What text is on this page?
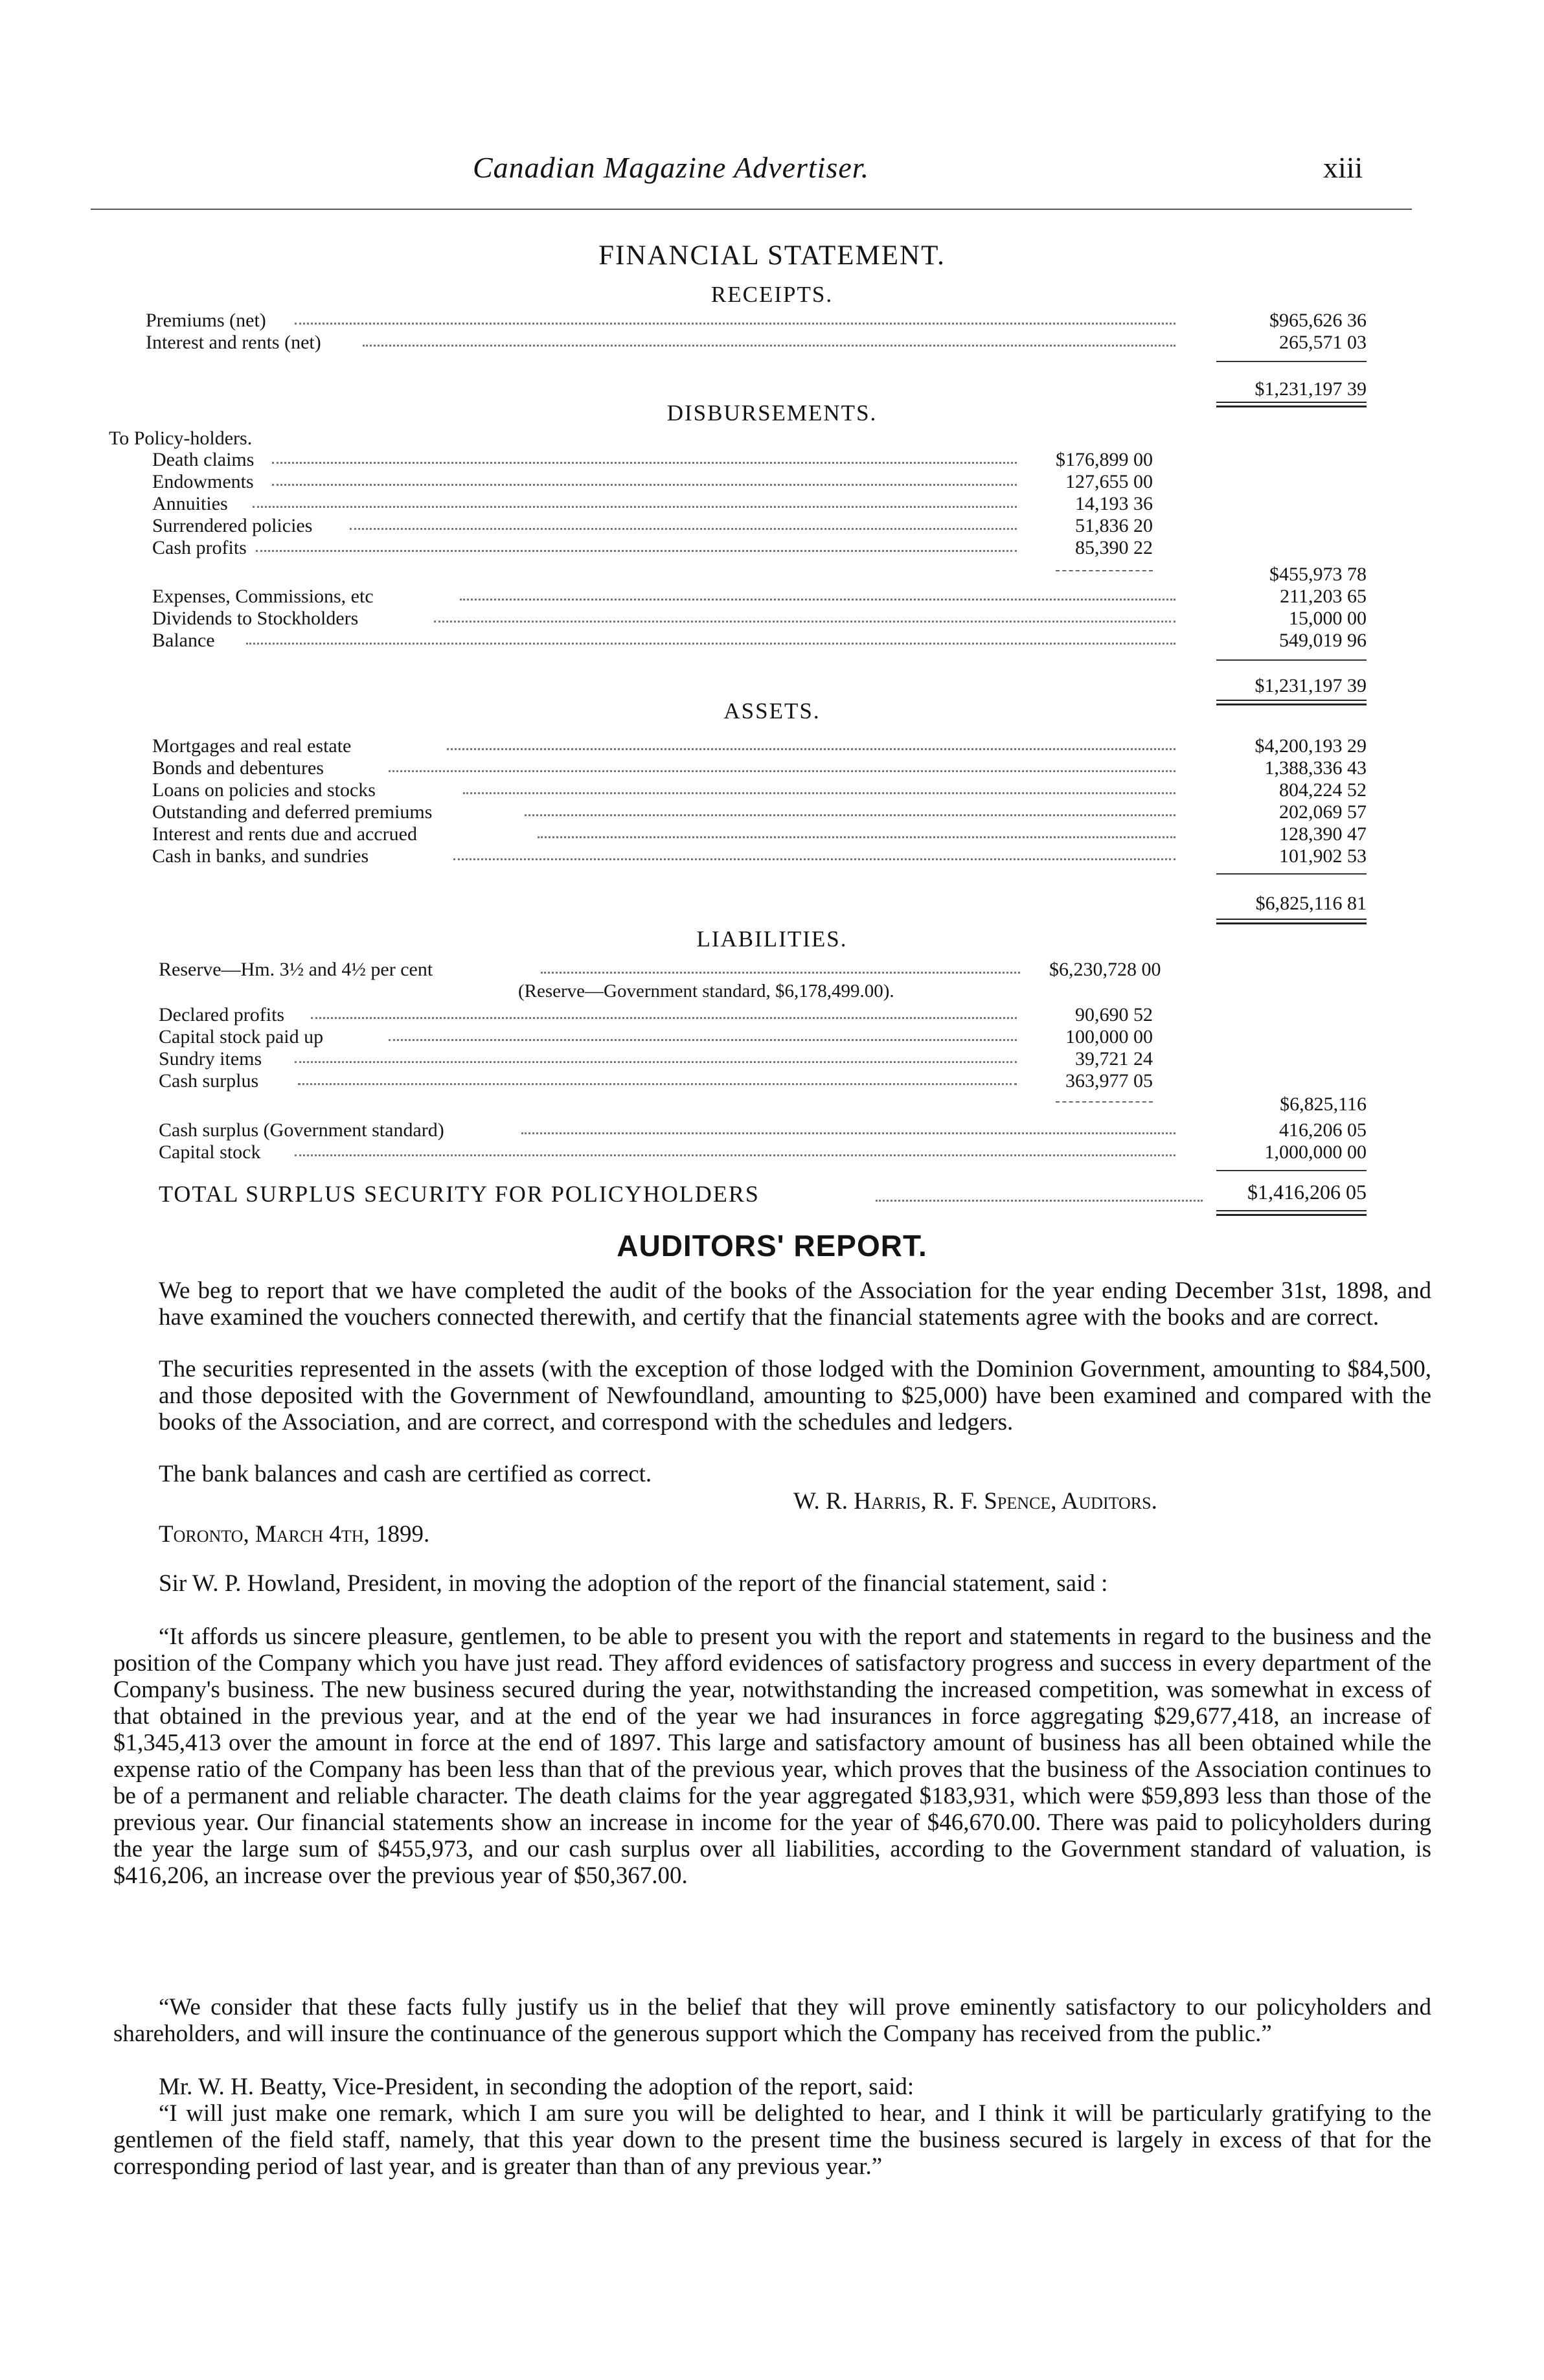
Canadian Magazine Advertiser.	xiii
FINANCIAL STATEMENT.
RECEIPTS.
Premiums (net)	$965,626 36
Interest and rents (net)	265,571 03
$1,231,197 39
DISBURSEMENTS.
To Policy-holders.
Death claims	$176,899 00
Endowments	127,655 00
Annuities	14,193 36
Surrendered policies	51,836 20
Cash profits	85,390 22
$455,973 78
Expenses, Commissions, etc	211,203 65
Dividends to Stockholders	15,000 00
Balance	549,019 96
$1,231,197 39
ASSETS.
Mortgages and real estate	$4,200,193 29
Bonds and debentures	1,388,336 43
Loans on policies and stocks	804,224 52
Outstanding and deferred premiums	202,069 57
Interest and rents due and accrued	128,390 47
Cash in banks, and sundries	101,902 53
$6,825,116 81
LIABILITIES.
Reserve—Hm. 3½ and 4½ per cent	$6,230,728 00
(Reserve—Government standard, $6,178,499.00).
Declared profits	90,690 52
Capital stock paid up	100,000 00
Sundry items	39,721 24
Cash surplus	363,977 05
$6,825,116
Cash surplus (Government standard)	416,206 05
Capital stock	1,000,000 00
TOTAL SURPLUS SECURITY FOR POLICYHOLDERS	$1,416,206 05
AUDITORS' REPORT.

We beg to report that we have completed the audit of the books of the Association for the year ending December 31st, 1898, and have examined the vouchers connected therewith, and certify that the financial statements agree with the books and are correct.

The securities represented in the assets (with the exception of those lodged with the Dominion Government, amounting to $84,500, and those deposited with the Government of Newfoundland, amounting to $25,000) have been examined and compared with the books of the Association, and are correct, and correspond with the schedules and ledgers.

The bank balances and cash are certified as correct.

W. R. Harris, R. F. Spence, Auditors.
Toronto, March 4th, 1899.

Sir W. P. Howland, President, in moving the adoption of the report of the financial statement, said :

“It affords us sincere pleasure, gentlemen, to be able to present you with the report and statements in regard to the business and the position of the Company which you have just read. They afford evidences of satisfactory progress and success in every department of the Company's business. The new business secured during the year, notwithstanding the increased competition, was somewhat in excess of that obtained in the previous year, and at the end of the year we had insurances in force aggregating $29,677,418, an increase of $1,345,413 over the amount in force at the end of 1897. This large and satisfactory amount of business has all been obtained while the expense ratio of the Company has been less than that of the previous year, which proves that the business of the Association continues to be of a permanent and reliable character. The death claims for the year aggregated $183,931, which were $59,893 less than those of the previous year. Our financial statements show an increase in income for the year of $46,670.00. There was paid to policyholders during the year the large sum of $455,973, and our cash surplus over all liabilities, according to the Government standard of valuation, is $416,206, an increase over the previous year of $50,367.00.

“We consider that these facts fully justify us in the belief that they will prove eminently satisfactory to our policyholders and shareholders, and will insure the continuance of the generous support which the Company has received from the public.”

Mr. W. H. Beatty, Vice-President, in seconding the adoption of the report, said:

“I will just make one remark, which I am sure you will be delighted to hear, and I think it will be particularly gratifying to the gentlemen of the field staff, namely, that this year down to the present time the business secured is largely in excess of that for the corresponding period of last year, and is greater than than of any previous year.”
